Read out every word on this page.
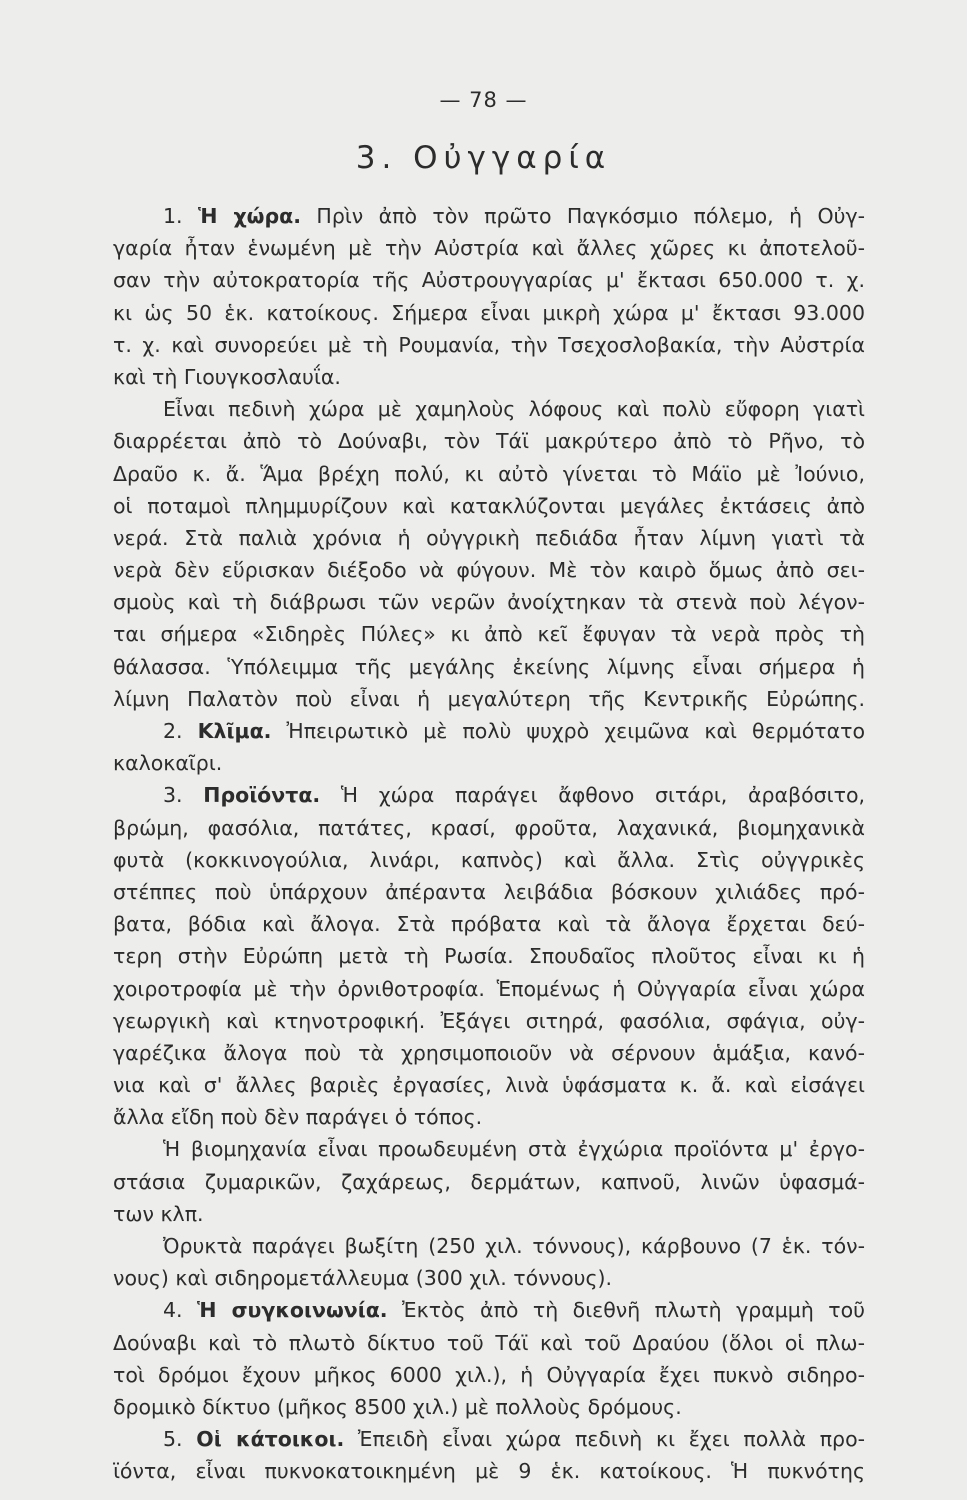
— 78 —
3. Οὐγγαρία
1. Ἡ χώρα. Πρὶν ἀπὸ τὸν πρῶτο Παγκόσμιο πόλεμο, ἡ Οὐγ-
γαρία ἦταν ἑνωμένη μὲ τὴν Αὐστρία καὶ ἄλλες χῶρες κι ἀποτελοῦ-
σαν τὴν αὐτοκρατορία τῆς Αὐστρουγγαρίας μ' ἔκτασι 650.000 τ. χ.
κι ὡς 50 ἑκ. κατοίκους. Σήμερα εἶναι μικρὴ χώρα μ' ἔκτασι 93.000
τ. χ. καὶ συνορεύει μὲ τὴ Ρουμανία, τὴν Τσεχοσλοβακία, τὴν Αὐστρία
καὶ τὴ Γιουγκοσλαυΐα.
Εἶναι πεδινὴ χώρα μὲ χαμηλοὺς λόφους καὶ πολὺ εὔφορη γιατὶ
διαρρέεται ἀπὸ τὸ Δούναβι, τὸν Τάϊ μακρύτερο ἀπὸ τὸ Ρῆνο, τὸ
Δραῦο κ. ἄ. Ἅμα βρέχη πολύ, κι αὐτὸ γίνεται τὸ Μάϊο μὲ Ἰούνιο,
οἱ ποταμοὶ πλημμυρίζουν καὶ κατακλύζονται μεγάλες ἐκτάσεις ἀπὸ
νερά. Στὰ παλιὰ χρόνια ἡ οὐγγρικὴ πεδιάδα ἦταν λίμνη γιατὶ τὰ
νερὰ δὲν εὕρισκαν διέξοδο νὰ φύγουν. Μὲ τὸν καιρὸ ὅμως ἀπὸ σει-
σμοὺς καὶ τὴ διάβρωσι τῶν νερῶν ἀνοίχτηκαν τὰ στενὰ ποὺ λέγον-
ται σήμερα «Σιδηρὲς Πύλες» κι ἀπὸ κεῖ ἔφυγαν τὰ νερὰ πρὸς τὴ
θάλασσα. Ὑπόλειμμα τῆς μεγάλης ἐκείνης λίμνης εἶναι σήμερα ἡ
λίμνη Παλατὸν ποὺ εἶναι ἡ μεγαλύτερη τῆς Κεντρικῆς Εὐρώπης.
2. Κλῖμα. Ἠπειρωτικὸ μὲ πολὺ ψυχρὸ χειμῶνα καὶ θερμότατο
καλοκαῖρι.
3. Προϊόντα. Ἡ χώρα παράγει ἄφθονο σιτάρι, ἀραβόσιτο,
βρώμη, φασόλια, πατάτες, κρασί, φροῦτα, λαχανικά, βιομηχανικὰ
φυτὰ (κοκκινογούλια, λινάρι, καπνὸς) καὶ ἄλλα. Στὶς οὐγγρικὲς
στέππες ποὺ ὑπάρχουν ἀπέραντα λειβάδια βόσκουν χιλιάδες πρό-
βατα, βόδια καὶ ἄλογα. Στὰ πρόβατα καὶ τὰ ἄλογα ἔρχεται δεύ-
τερη στὴν Εὐρώπη μετὰ τὴ Ρωσία. Σπουδαῖος πλοῦτος εἶναι κι ἡ
χοιροτροφία μὲ τὴν ὀρνιθοτροφία. Ἑπομένως ἡ Οὐγγαρία εἶναι χώρα
γεωργικὴ καὶ κτηνοτροφική. Ἐξάγει σιτηρά, φασόλια, σφάγια, οὐγ-
γαρέζικα ἄλογα ποὺ τὰ χρησιμοποιοῦν νὰ σέρνουν ἁμάξια, κανό-
νια καὶ σ' ἄλλες βαριὲς ἐργασίες, λινὰ ὑφάσματα κ. ἄ. καὶ εἰσάγει
ἄλλα εἴδη ποὺ δὲν παράγει ὁ τόπος.
Ἡ βιομηχανία εἶναι προωδευμένη στὰ ἐγχώρια προϊόντα μ' ἐργο-
στάσια ζυμαρικῶν, ζαχάρεως, δερμάτων, καπνοῦ, λινῶν ὑφασμά-
των κλπ.
Ὀρυκτὰ παράγει βωξίτη (250 χιλ. τόννους), κάρβουνο (7 ἑκ. τόν-
νους) καὶ σιδηρομετάλλευμα (300 χιλ. τόννους).
4. Ἡ συγκοινωνία. Ἐκτὸς ἀπὸ τὴ διεθνῆ πλωτὴ γραμμὴ τοῦ
Δούναβι καὶ τὸ πλωτὸ δίκτυο τοῦ Τάϊ καὶ τοῦ Δραύου (ὅλοι οἱ πλω-
τοὶ δρόμοι ἔχουν μῆκος 6000 χιλ.), ἡ Οὐγγαρία ἔχει πυκνὸ σιδηρο-
δρομικὸ δίκτυο (μῆκος 8500 χιλ.) μὲ πολλοὺς δρόμους.
5. Οἱ κάτοικοι. Ἐπειδὴ εἶναι χώρα πεδινὴ κι ἔχει πολλὰ προ-
ϊόντα, εἶναι πυκνοκατοικημένη μὲ 9 ἑκ. κατοίκους. Ἡ πυκνότης
